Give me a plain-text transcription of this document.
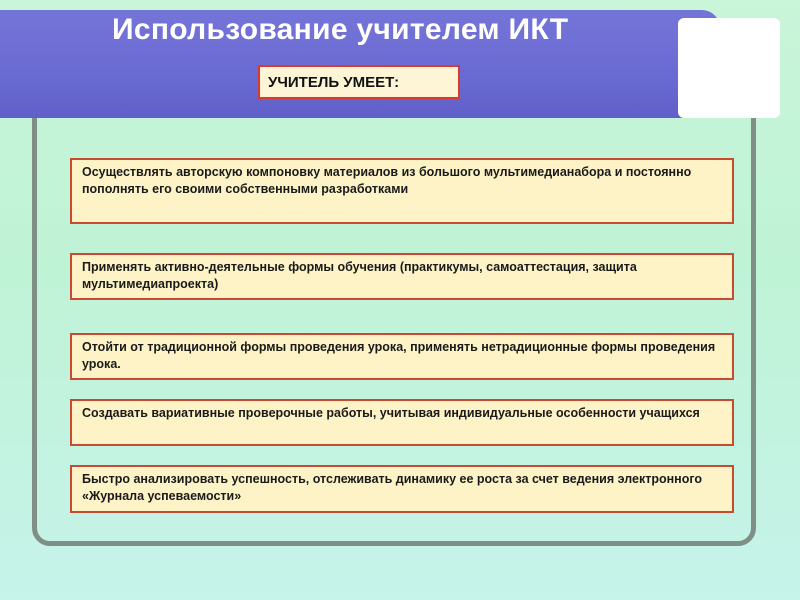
Использование учителем ИКТ
УЧИТЕЛЬ УМЕЕТ:
Осуществлять авторскую компоновку материалов из большого мультимедианабора и постоянно пополнять его своими собственными разработками
Применять активно-деятельные формы обучения (практикумы, самоаттестация, защита мультимедиапроекта)
Отойти от традиционной формы проведения урока, применять нетрадиционные формы проведения урока.
Создавать вариативные проверочные работы, учитывая индивидуальные особенности учащихся
Быстро анализировать успешность, отслеживать динамику ее роста за счет ведения электронного «Журнала успеваемости»
